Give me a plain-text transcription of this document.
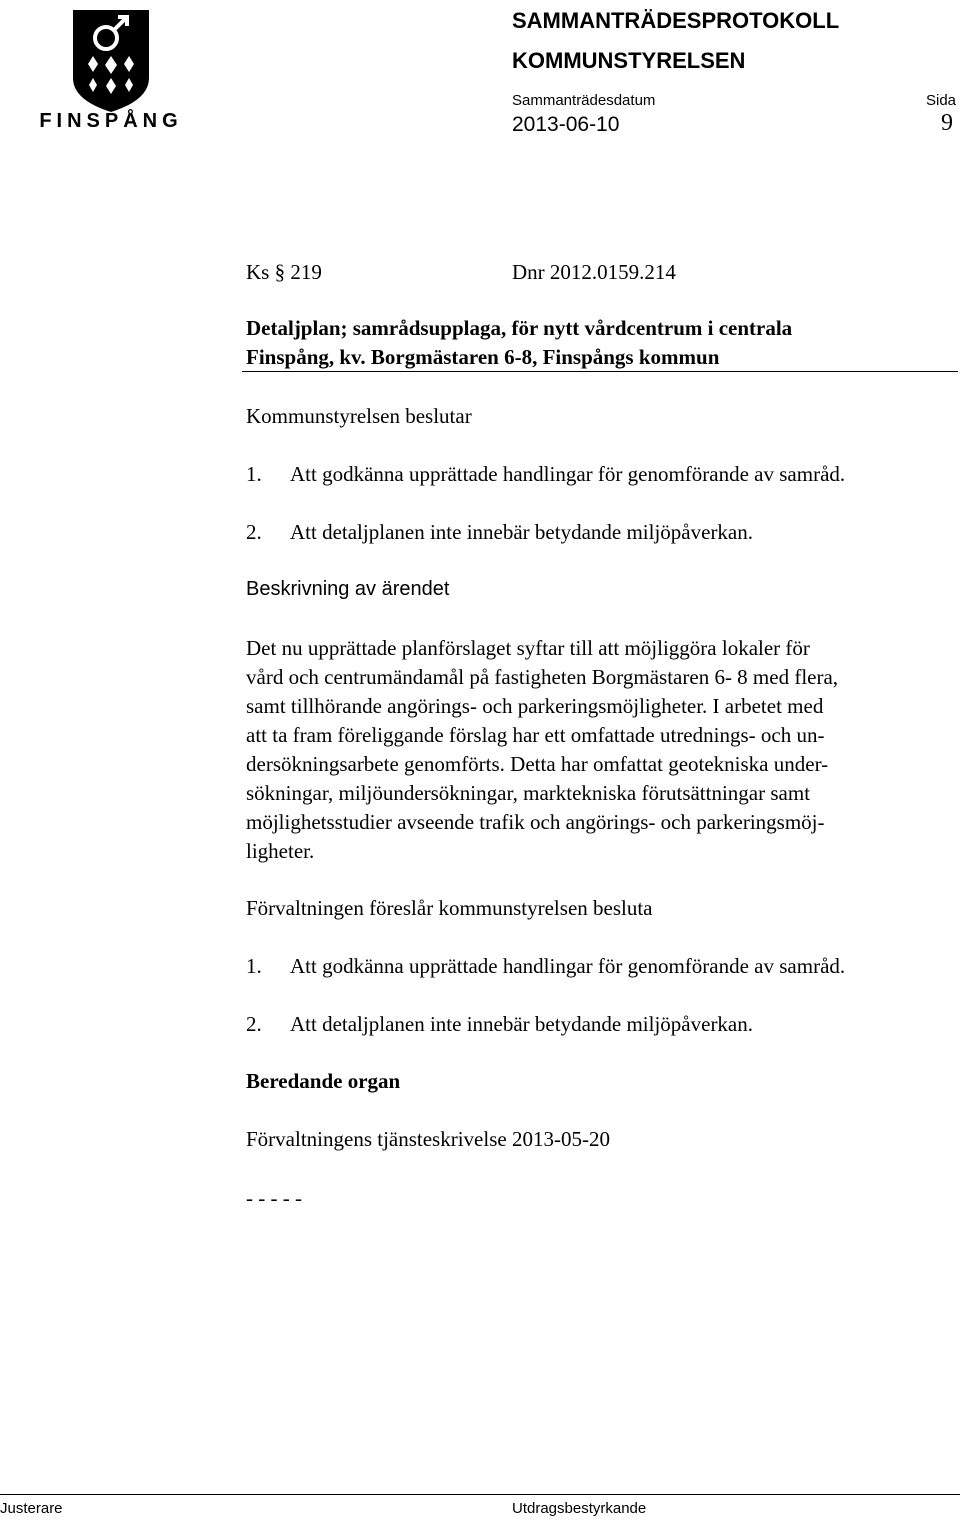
FINSPÅNG
SAMMANTRÄDESPROTOKOLL
KOMMUNSTYRELSEN
Sammanträdesdatum	Sida
2013-06-10	9
Ks § 219	Dnr 2012.0159.214
Detaljplan; samrådsupplaga, för nytt vårdcentrum i centrala
Finspång, kv. Borgmästaren 6-8, Finspångs kommun
Kommunstyrelsen beslutar
1. Att godkänna upprättade handlingar för genomförande av samråd.
2. Att detaljplanen inte innebär betydande miljöpåverkan.
Beskrivning av ärendet

Det nu upprättade planförslaget syftar till att möjliggöra lokaler för

vård och centrumändamål på fastigheten Borgmästaren 6- 8 med flera,

samt tillhörande angörings- och parkeringsmöjligheter. I arbetet med

att ta fram föreliggande förslag har ett omfattade utrednings- och un-

dersökningsarbete genomförts. Detta har omfattat geotekniska under-

sökningar, miljöundersökningar, marktekniska förutsättningar samt

möjlighetsstudier avseende trafik och angörings- och parkeringsmöj-

ligheter.

Förvaltningen föreslår kommunstyrelsen besluta
1. Att godkänna upprättade handlingar för genomförande av samråd.
2. Att detaljplanen inte innebär betydande miljöpåverkan.
Beredande organ
Förvaltningens tjänsteskrivelse 2013-05-20
- - - - -
Justerare	Utdragsbestyrkande
